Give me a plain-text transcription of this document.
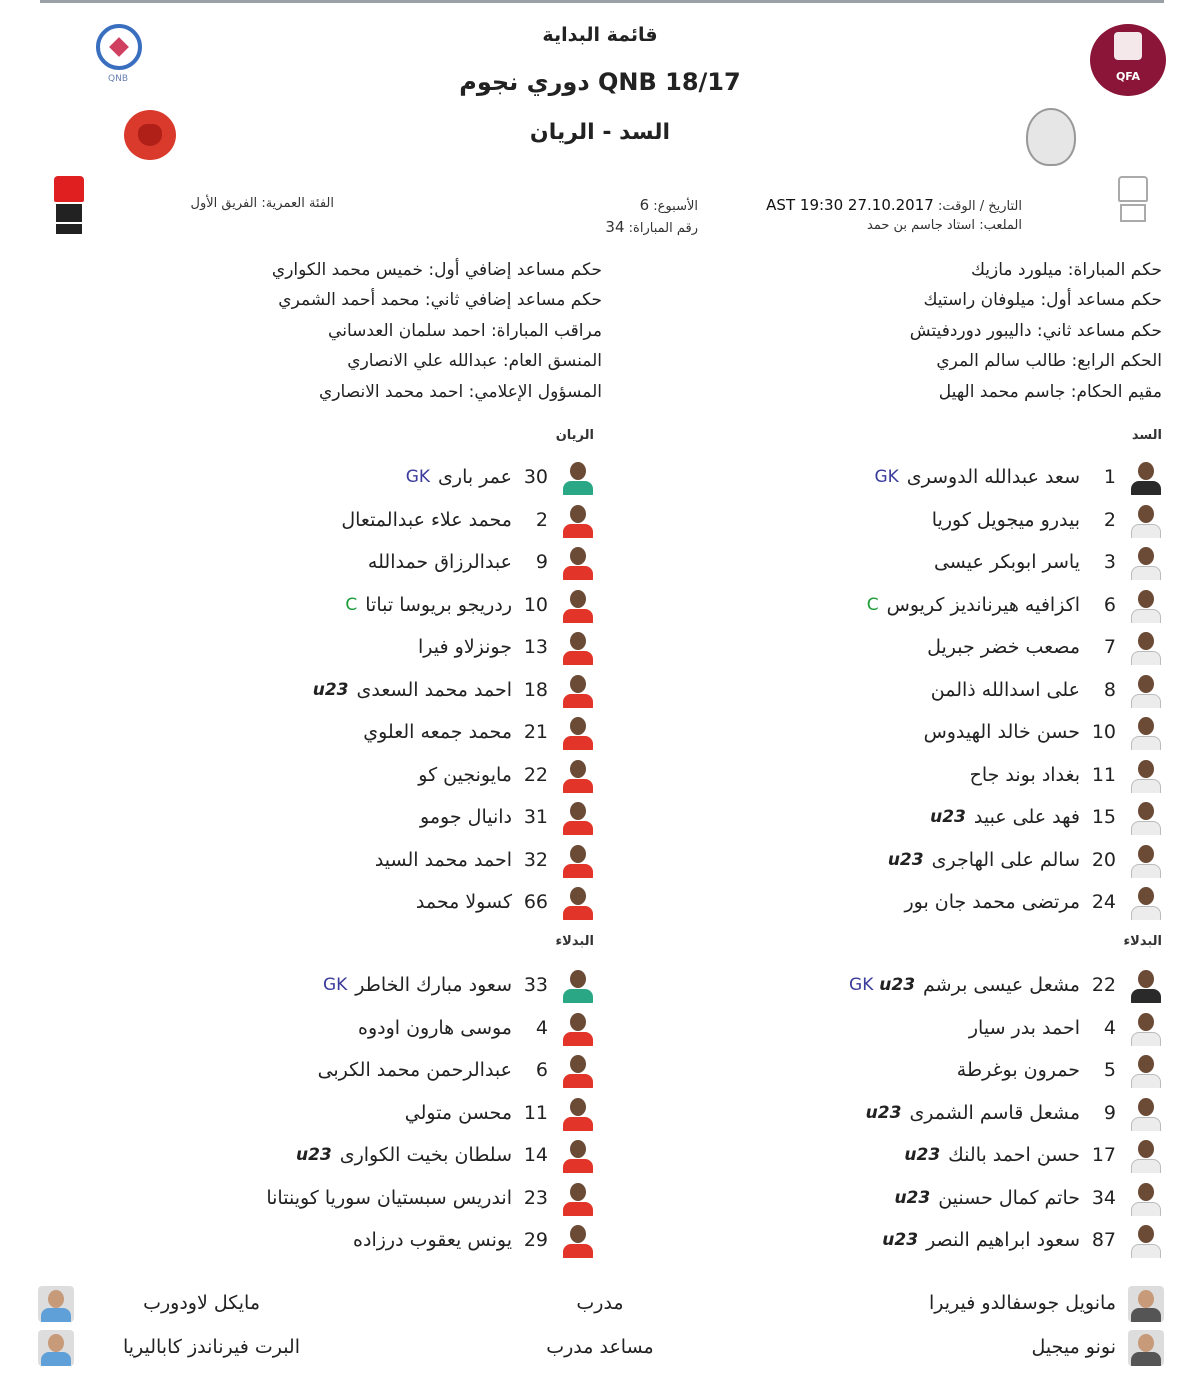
QFA
QNB
قائمة البداية
دوري نجوم QNB 18/17
السد - الريان
التاريخ / الوقت: 27.10.2017 19:30 AST
الملعب: استاد جاسم بن حمد
الأسبوع: 6
رقم المباراة: 34
الفئة العمرية: الفريق الأول
حكم المباراة: ميلورد مازيك
حكم مساعد أول: ميلوفان راستيك
حكم مساعد ثاني: داليبور دوردفيتش
الحكم الرابع: طالب سالم المري
مقيم الحكام: جاسم محمد الهيل
حكم مساعد إضافي أول: خميس محمد الكواري
حكم مساعد إضافي ثاني: محمد أحمد الشمري
مراقب المباراة: احمد سلمان العدساني
المنسق العام: عبدالله علي الانصاري
المسؤول الإعلامي: احمد محمد الانصاري
السد
الريان
البدلاء
البدلاء
1
سعد عبدالله الدوسرى
GK
2
بيدرو ميجويل كوريا
3
ياسر ابوبكر عيسى
6
اكزافيه هيرنانديز كريوس
C
7
مصعب خضر جبريل
8
على اسدالله ذالمن
10
حسن خالد الهيدوس
11
بغداد بوند جاح
15
فهد على عبيد
u23
20
سالم على الهاجرى
u23
24
مرتضى محمد جان بور
30
عمر بارى
GK
2
محمد علاء عبدالمتعال
9
عبدالرزاق حمدالله
10
ردريجو بريوسا تباتا
C
13
جونزلاو فيرا
18
احمد محمد السعدى
u23
21
محمد جمعه العلوي
22
مايونجين كو
31
دانيال جومو
32
احمد محمد السيد
66
كسولا محمد
22
مشعل عيسى برشم
GK u23
4
احمد بدر سيار
5
حمرون بوغرطة
9
مشعل قاسم الشمرى
u23
17
حسن احمد بالنك
u23
34
حاتم كمال حسنين
u23
87
سعود ابراهيم النصر
u23
33
سعود مبارك الخاطر
GK
4
موسى هارون اودوه
6
عبدالرحمن محمد الكربى
11
محسن متولي
14
سلطان بخيت الكوارى
u23
23
اندريس سبستيان سوريا كوينتانا
29
يونس يعقوب درزاده
مانويل جوسفالدو فيريرا
مدرب
مايكل لاودورب
نونو ميجيل
مساعد مدرب
البرت فيرناندز كاباليريا
